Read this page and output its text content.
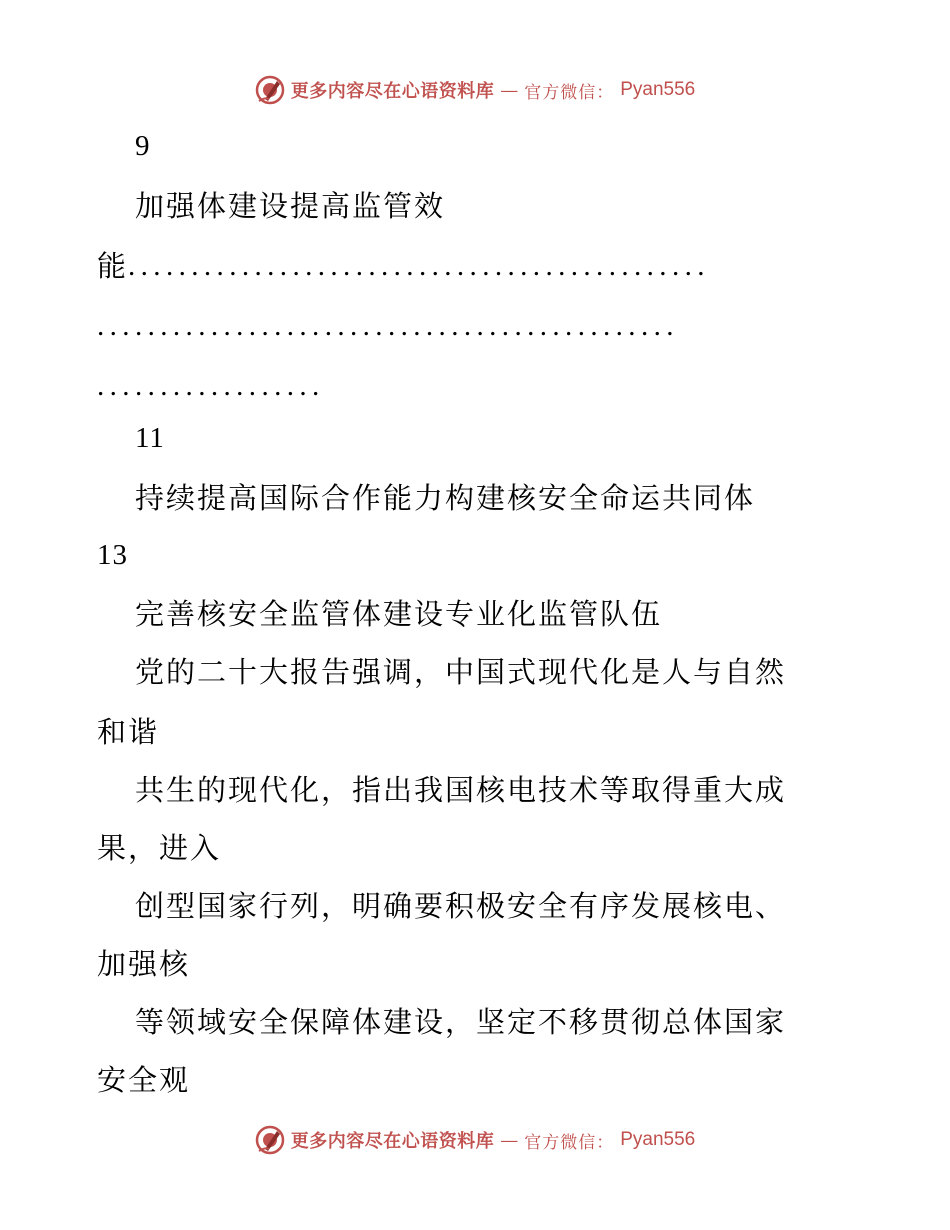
更多内容尽在心语资料库 — 官方微信： Pyan556
9
加强体建设提高监管效
能 ..............................................
..............................................
..................
11
持续提高国际合作能力构建核安全命运共同体
13
完善核安全监管体建设专业化监管队伍
党的二十大报告强调，中国式现代化是人与自然
和谐
共生的现代化，指出我国核电技术等取得重大成
果，进入
创型国家行列，明确要积极安全有序发展核电、
加强核
等领域安全保障体建设，坚定不移贯彻总体国家
安全观
更多内容尽在心语资料库 — 官方微信： Pyan556
